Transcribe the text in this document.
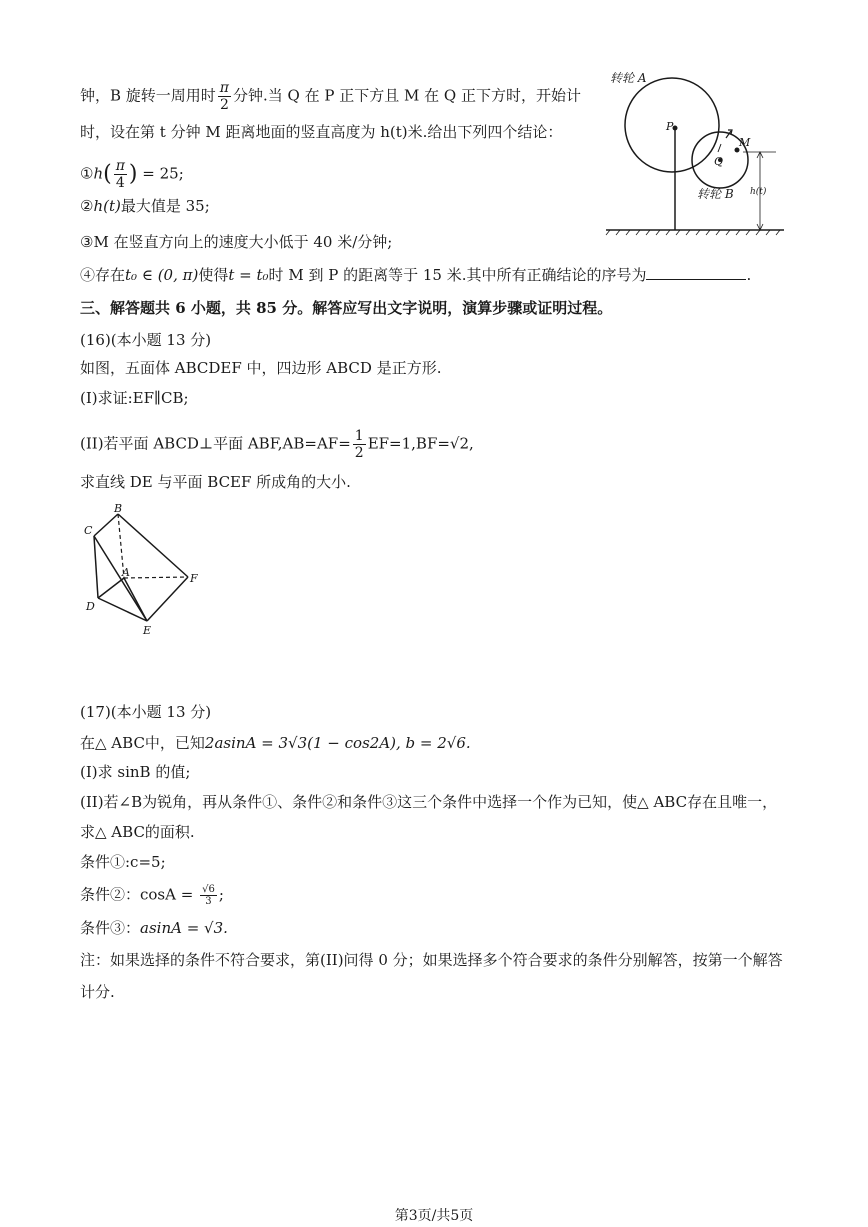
钟，B 旋转一周用时 $\frac{\pi}{2}$ 分钟.当 Q 在 P 正下方且 M 在 Q 正下方时，开始计
时，设在第 t 分钟 M 距离地面的竖直高度为 h(t)米.给出下列四个结论：
①h( $\frac{\pi}{4}$ ) = 25;
②h(t)最大值是 35;
③M 在竖直方向上的速度大小低于 40 米/分钟;
④存在t₀ ∈ (0, π)使得t = t₀时 M 到 P 的距离等于 15 米.其中所有正确结论的序号为	.
转轮 A
P
Q
M
转轮 B h(t)
三、解答题共 6 小题，共 85 分。解答应写出文字说明，演算步骤或证明过程。
(16)(本小题 13 分)
如图，五面体 ABCDEF 中，四边形 ABCD 是正方形.
(I)求证:EF∥CB;
(II)若平面 ABCD⊥平面 $ABF,AB=AF= \frac{1}{2} EF=1,BF=√2$,
求直线 DE 与平面 BCEF 所成角的大小.
B
C
A	F
D
E
(17)(本小题 13 分)
在△ ABC中，已知2asinA = 3√3(1 − cos2A), b = 2√6.
(I)求 sinB 的值;
(II)若∠B为锐角，再从条件①、条件②和条件③这三个条件中选择一个作为已知，使△ ABC存在且唯一，
求△ ABC的面积.
条件①:c=5;
条件②：$\cos A = \frac{√6}{3}$ ;
条件③：asinA = √3.
注：如果选择的条件不符合要求，第(II)问得 0 分；如果选择多个符合要求的条件分别解答，按第一个解答
计分.
第3页/共5页
